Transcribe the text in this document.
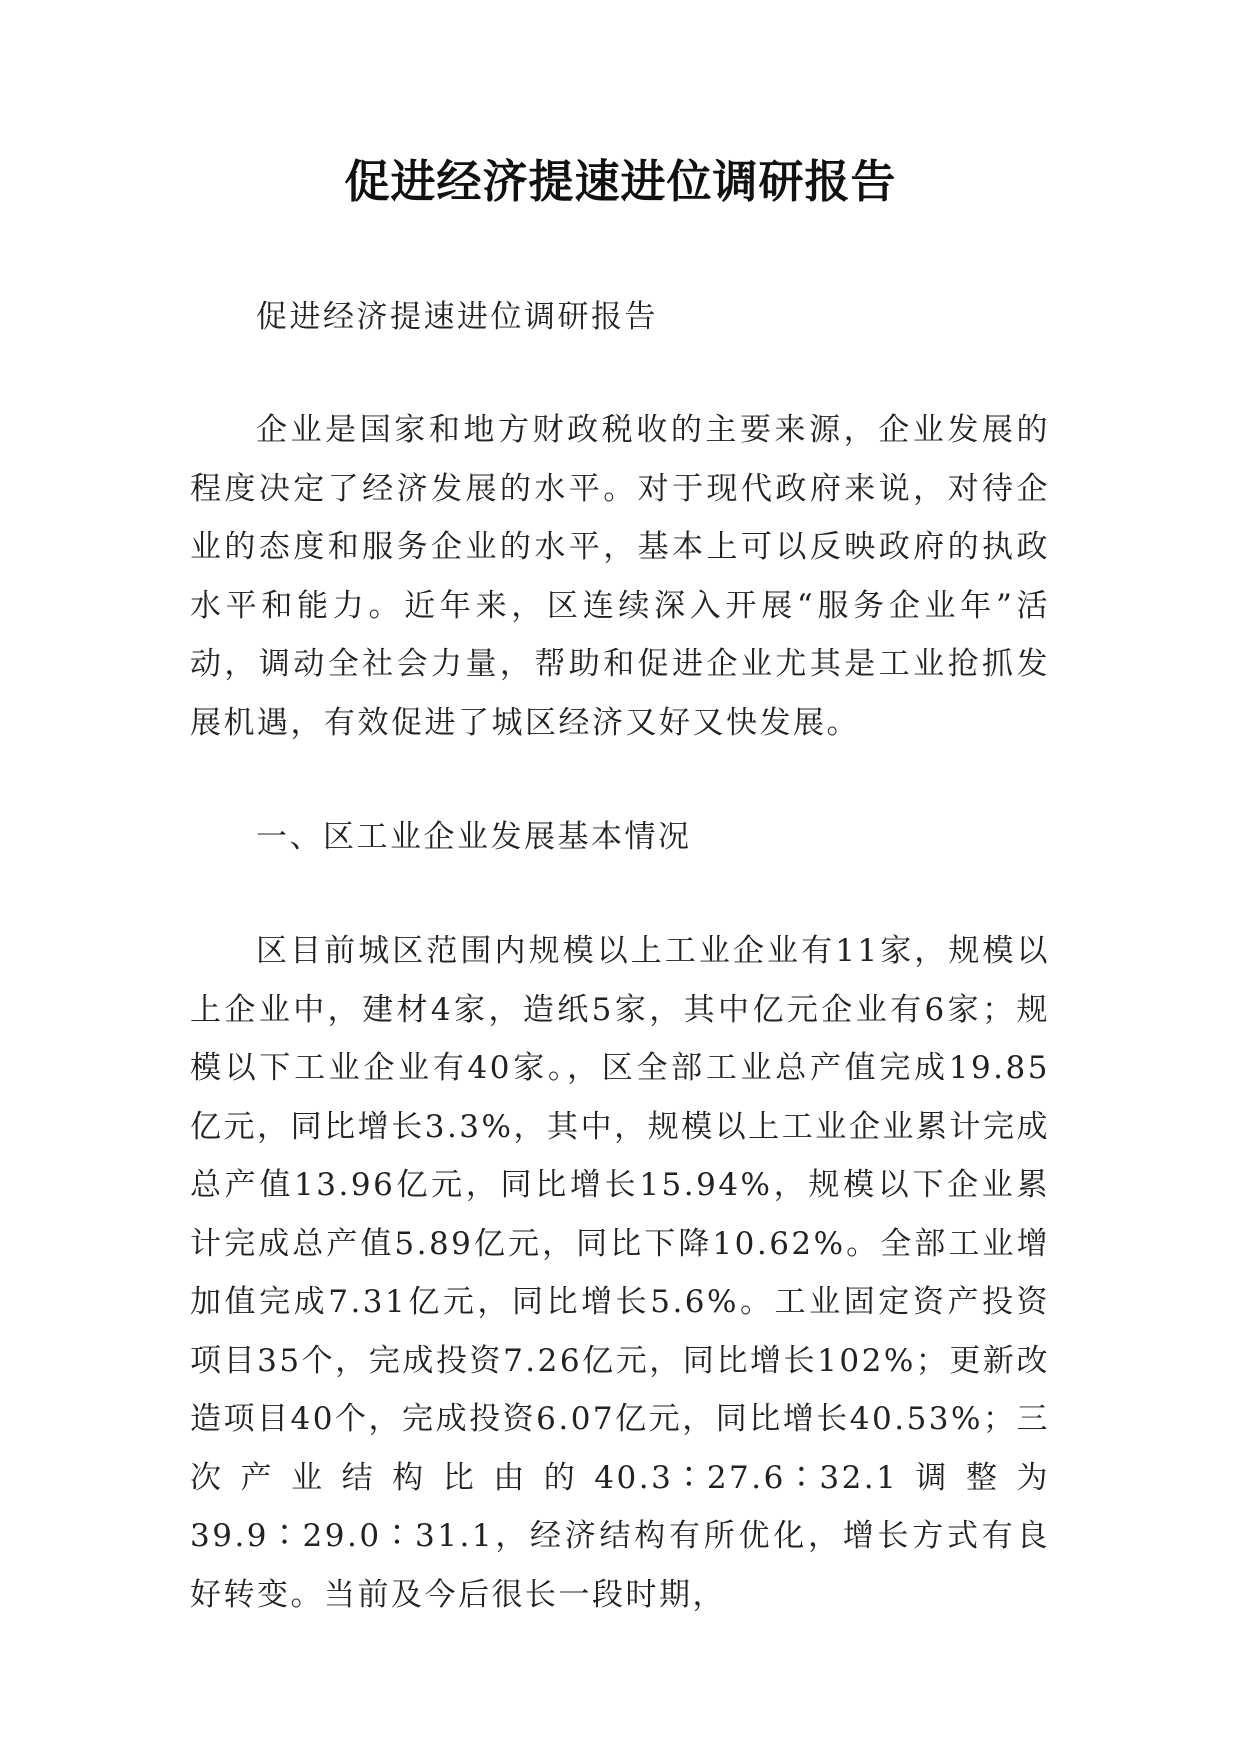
促进经济提速进位调研报告

促进经济提速进位调研报告

企业是国家和地方财政税收的主要来源，企业发展的程度决定了经济发展的水平。对于现代政府来说，对待企业的态度和服务企业的水平，基本上可以反映政府的执政水平和能力。近年来，区连续深入开展“服务企业年”活动，调动全社会力量，帮助和促进企业尤其是工业抢抓发展机遇，有效促进了城区经济又好又快发展。

一、区工业企业发展基本情况

区目前城区范围内规模以上工业企业有11家，规模以上企业中，建材4家，造纸5家，其中亿元企业有6家；规模以下工业企业有40家。，区全部工业总产值完成19.85亿元，同比增长3.3%，其中，规模以上工业企业累计完成总产值13.96亿元，同比增长15.94%，规模以下企业累计完成总产值5.89亿元，同比下降10.62%。全部工业增加值完成7.31亿元，同比增长5.6%。工业固定资产投资项目35个，完成投资7.26亿元，同比增长102%；更新改造项目40个，完成投资6.07亿元，同比增长40.53%；三次产业结构比由的40.3∶27.6∶32.1调整为39.9∶29.0∶31.1，经济结构有所优化，增长方式有良好转变。当前及今后很长一段时期，
